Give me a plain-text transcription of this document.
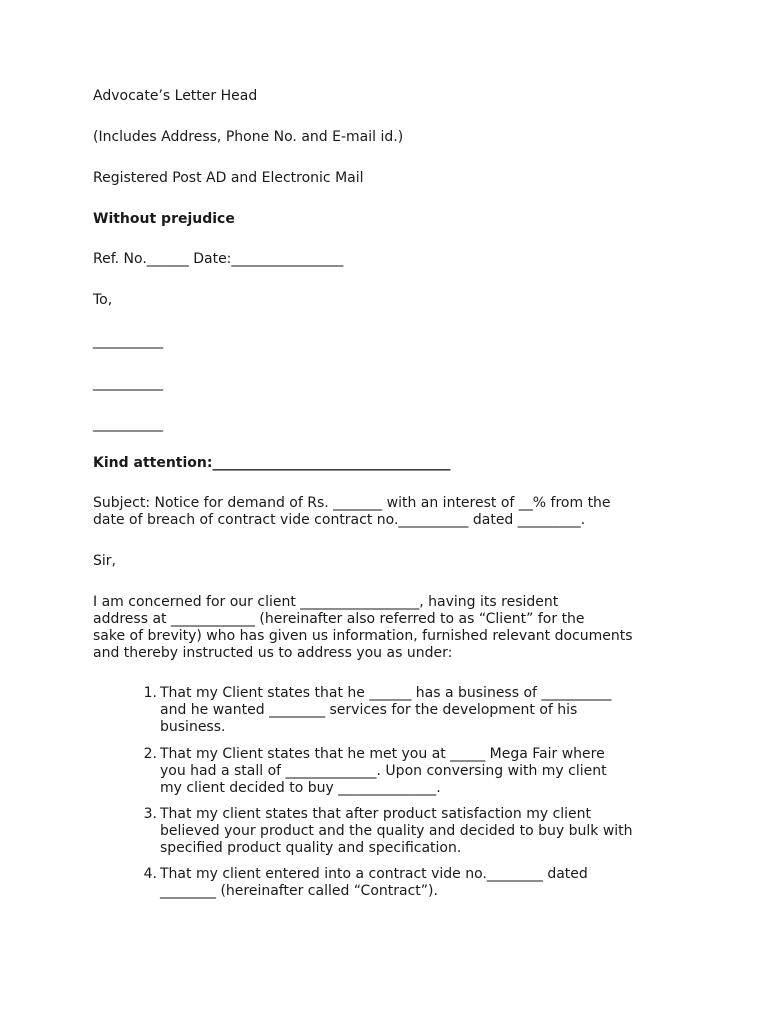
Advocate’s Letter Head
(Includes Address, Phone No. and E-mail id.)
Registered Post AD and Electronic Mail
Without prejudice
Ref. No.______ Date:________________
To,
__________
__________
__________
Kind attention:__________________________________
Subject: Notice for demand of Rs. _______ with an interest of __% from the
date of breach of contract vide contract no.__________ dated _________.
Sir,
I am concerned for our client _________________, having its resident
address at ____________ (hereinafter also referred to as “Client” for the
sake of brevity) who has given us information, furnished relevant documents
and thereby instructed us to address you as under:
1. That my Client states that he ______ has a business of __________
and he wanted ________ services for the development of his
business.
2. That my Client states that he met you at _____ Mega Fair where
you had a stall of _____________. Upon conversing with my client
my client decided to buy ______________.
3. That my client states that after product satisfaction my client
believed your product and the quality and decided to buy bulk with
specified product quality and specification.
4. That my client entered into a contract vide no.________ dated
________ (hereinafter called “Contract”).
